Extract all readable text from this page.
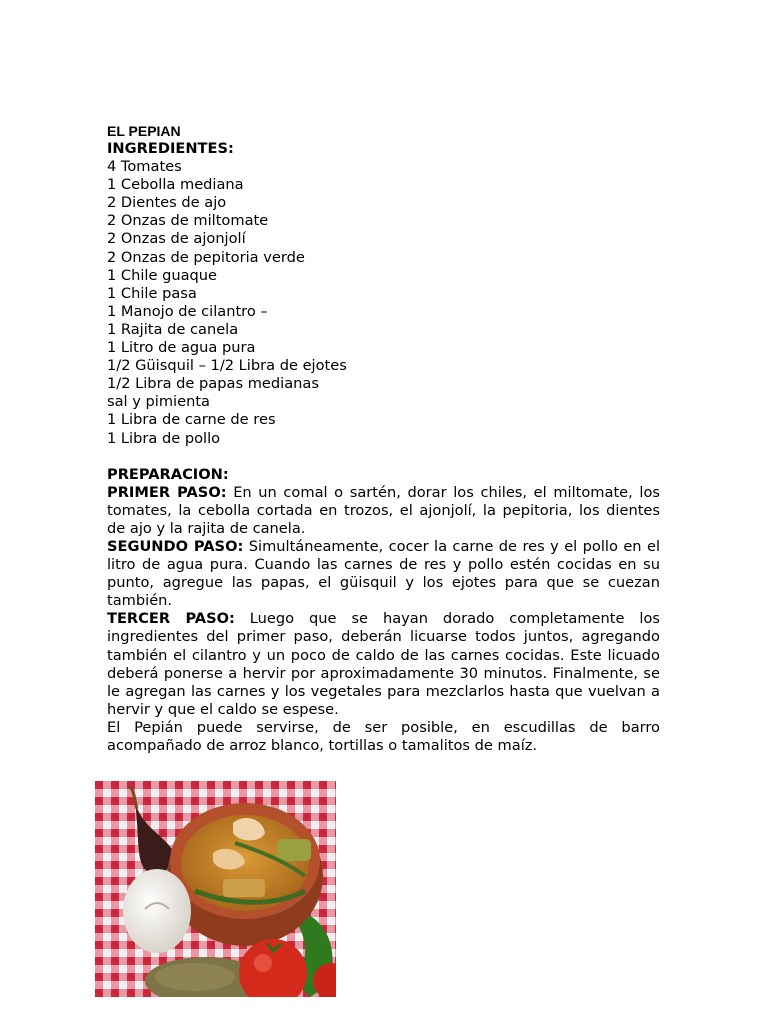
EL PEPIAN
INGREDIENTES:
4 Tomates
1 Cebolla mediana
2 Dientes de ajo
2 Onzas de miltomate
2 Onzas de ajonjolí
2 Onzas de pepitoria verde
1 Chile guaque
1 Chile pasa
1 Manojo de cilantro –
1 Rajita de canela
1 Litro de agua pura
1/2 Güisquil – 1/2 Libra de ejotes
1/2 Libra de papas medianas
sal y pimienta
1 Libra de carne de res
1 Libra de pollo
PREPARACION:

PRIMER PASO: En un comal o sartén, dorar los chiles, el miltomate, los tomates, la cebolla cortada en trozos, el ajonjolí, la pepitoria, los dientes de ajo y la rajita de canela.

SEGUNDO PASO: Simultáneamente, cocer la carne de res y el pollo en el litro de agua pura. Cuando las carnes de res y pollo estén cocidas en su punto, agregue las papas, el güisquil y los ejotes para que se cuezan también.

TERCER PASO: Luego que se hayan dorado completamente los ingredientes del primer paso, deberán licuarse todos juntos, agregando también el cilantro y un poco de caldo de las carnes cocidas. Este licuado deberá ponerse a hervir por aproximadamente 30 minutos. Finalmente, se le agregan las carnes y los vegetales para mezclarlos hasta que vuelvan a hervir y que el caldo se espese.

El Pepián puede servirse, de ser posible, en escudillas de barro acompañado de arroz blanco, tortillas o tamalitos de maíz.
